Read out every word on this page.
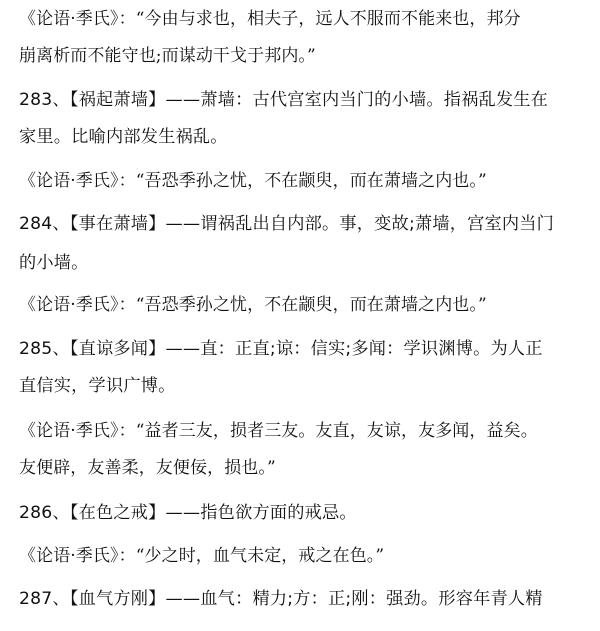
《论语·季氏》：“今由与求也，相夫子，远人不服而不能来也，邦分
崩离析而不能守也;而谋动干戈于邦内。”
283、【祸起萧墙】——萧墙：古代宫室内当门的小墙。指祸乱发生在
家里。比喻内部发生祸乱。
《论语·季氏》：“吾恐季孙之忧，不在颛臾，而在萧墙之内也。”
284、【事在萧墙】——谓祸乱出自内部。事，变故;萧墙，宫室内当门
的小墙。
《论语·季氏》：“吾恐季孙之忧，不在颛臾，而在萧墙之内也。”
285、【直谅多闻】——直：正直;谅：信实;多闻：学识渊博。为人正
直信实，学识广博。
《论语·季氏》：“益者三友，损者三友。友直，友谅，友多闻，益矣。
友便辟，友善柔，友便佞，损也。”
286、【在色之戒】——指色欲方面的戒忌。
《论语·季氏》：“少之时，血气未定，戒之在色。”
287、【血气方刚】——血气：精力;方：正;刚：强劲。形容年青人精
